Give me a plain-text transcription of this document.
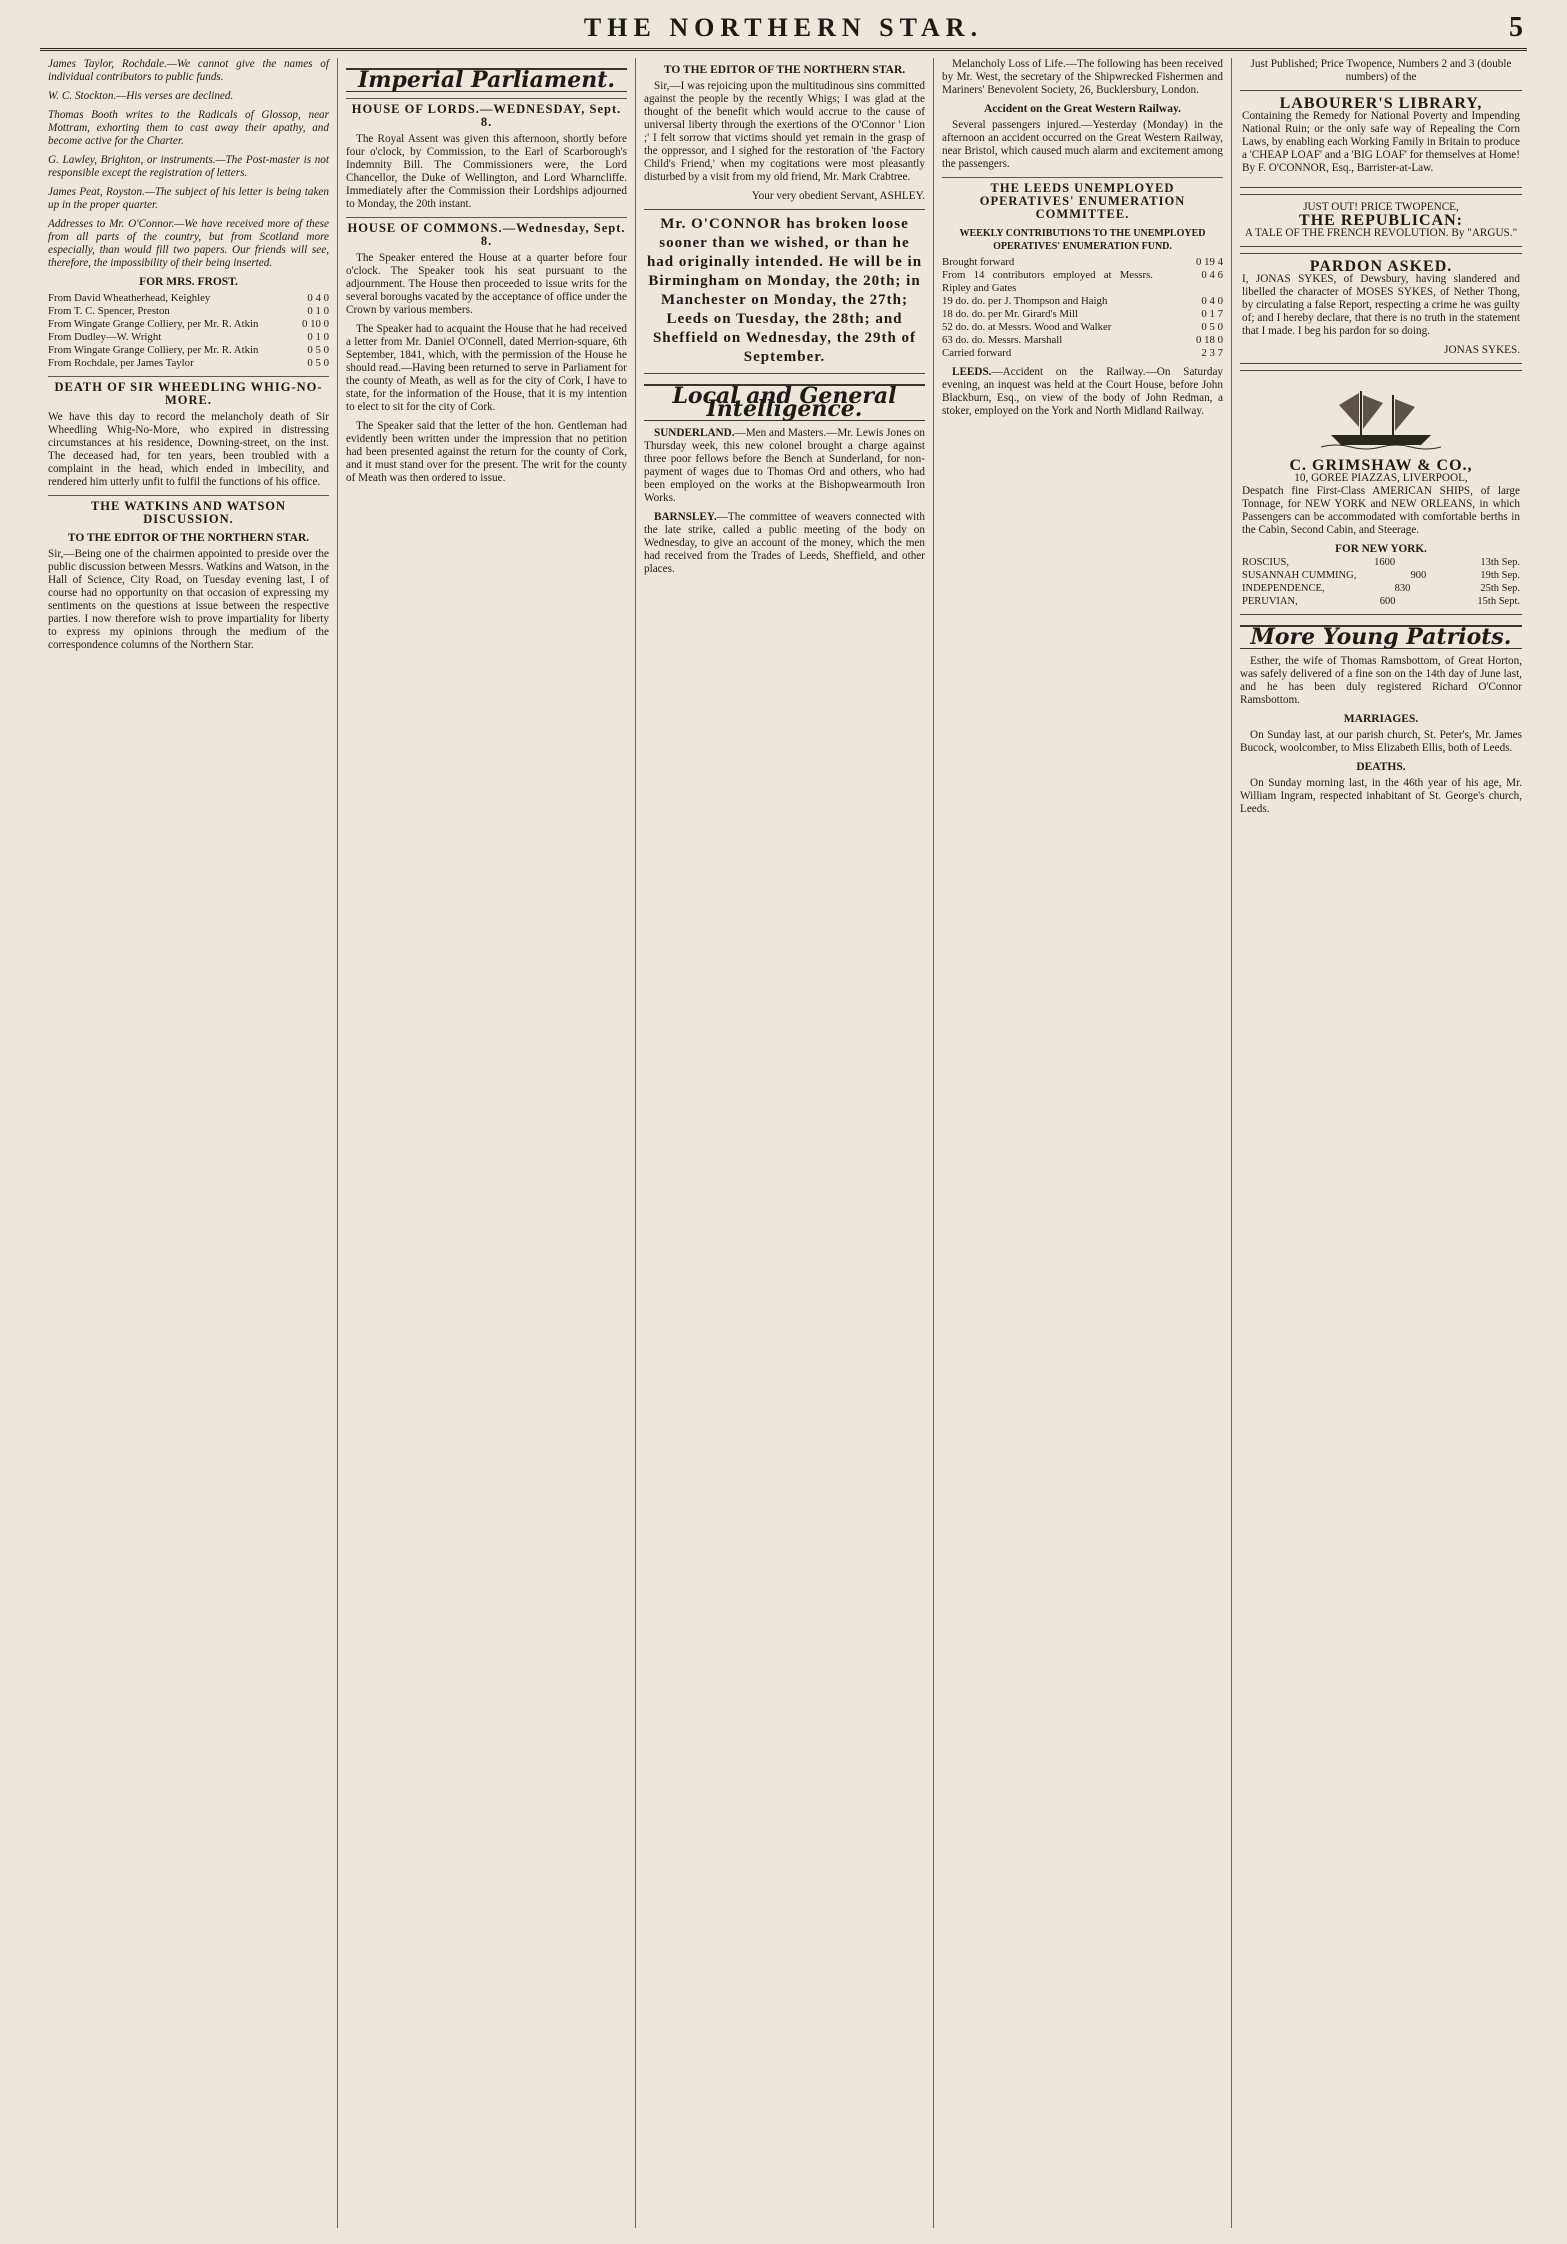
THE NORTHERN STAR.	5

James Taylor, Rochdale.—We cannot give the names of individual contributors to public funds.

W. C. Stockton.—His verses are declined.

Thomas Booth writes to the Radicals of Glossop, near Mottram, exhorting them to cast away their apathy, and become active for the Charter.

G. Lawley, Brighton, or instruments.—The Post-master is not responsible except the registration of letters.

James Peat, Royston.—The subject of his letter is being taken up in the proper quarter.

Addresses to Mr. O'Connor.—We have received more of these from all parts of the country, but from Scotland more especially, than would fill two papers. Our friends will see, therefore, the impossibility of their being inserted.

FOR MRS. FROST.
From David Wheatherhead, Keighley	0 4 0
From T. C. Spencer, Preston	0 1 0
From Wingate Grange Colliery, per Mr. R. Atkin	0 10 0
From Dudley—W. Wright	0 1 0
From Wingate Grange Colliery, per Mr. R. Atkin	0 5 0
From Rochdale, per James Taylor	0 5 0
DEATH OF SIR WHEEDLING WHIG-NO-MORE.

We have this day to record the melancholy death of Sir Wheedling Whig-No-More, who expired in distressing circumstances at his residence, Downing-street, on the inst. The deceased had, for ten years, been troubled with a complaint in the head, which ended in imbecility, and rendered him utterly unfit to fulfil the functions of his office.

THE WATKINS AND WATSON DISCUSSION.
TO THE EDITOR OF THE NORTHERN STAR.

Sir,—Being one of the chairmen appointed to preside over the public discussion between Messrs. Watkins and Watson, in the Hall of Science, City Road, on Tuesday evening last, I of course had no opportunity on that occasion of expressing my sentiments on the questions at issue between the respective parties. I now therefore wish to prove impartiality for liberty to express my opinions through the medium of the correspondence columns of the Northern Star.

Imperial Parliament.
HOUSE OF LORDS.—WEDNESDAY, Sept. 8.

The Royal Assent was given this afternoon, shortly before four o'clock, by Commission, to the Earl of Scarborough's Indemnity Bill. The Commissioners were, the Lord Chancellor, the Duke of Wellington, and Lord Wharncliffe. Immediately after the Commission their Lordships adjourned to Monday, the 20th instant.

HOUSE OF COMMONS.—Wednesday, Sept. 8.

The Speaker entered the House at a quarter before four o'clock. The Speaker took his seat pursuant to the adjournment. The House then proceeded to issue writs for the several boroughs vacated by the acceptance of office under the Crown by various members.

The Speaker had to acquaint the House that he had received a letter from Mr. Daniel O'Connell, dated Merrion-square, 6th September, 1841, which, with the permission of the House he should read.—Having been returned to serve in Parliament for the county of Meath, as well as for the city of Cork, I have to state, for the information of the House, that it is my intention to elect to sit for the city of Cork.

The Speaker said that the letter of the hon. Gentleman had evidently been written under the impression that no petition had been presented against the return for the county of Cork, and it must stand over for the present. The writ for the county of Meath was then ordered to issue.

TO THE EDITOR OF THE NORTHERN STAR.

Sir,—I was rejoicing upon the multitudinous sins committed against the people by the recently Whigs; I was glad at the thought of the benefit which would accrue to the cause of universal liberty through the exertions of the O'Connor ' Lion ;' I felt sorrow that victims should yet remain in the grasp of the oppressor, and I sighed for the restoration of 'the Factory Child's Friend,' when my cogitations were most pleasantly disturbed by a visit from my old friend, Mr. Mark Crabtree.

Your very obedient Servant, ASHLEY.

Mr. O'CONNOR has broken loose sooner than we wished, or than he had originally intended. He will be in Birmingham on Monday, the 20th; in Manchester on Monday, the 27th; Leeds on Tuesday, the 28th; and Sheffield on Wednesday, the 29th of September.

Local and General Intelligence.

SUNDERLAND.—Men and Masters.—Mr. Lewis Jones on Thursday week, this new colonel brought a charge against three poor fellows before the Bench at Sunderland, for non-payment of wages due to Thomas Ord and others, who had been employed on the works at the Bishopwearmouth Iron Works.

BARNSLEY.—The committee of weavers connected with the late strike, called a public meeting of the body on Wednesday, to give an account of the money, which the men had received from the Trades of Leeds, Sheffield, and other places.

Melancholy Loss of Life.—The following has been received by Mr. West, the secretary of the Shipwrecked Fishermen and Mariners' Benevolent Society, 26, Bucklersbury, London.

Accident on the Great Western Railway.

Several passengers injured.—Yesterday (Monday) in the afternoon an accident occurred on the Great Western Railway, near Bristol, which caused much alarm and excitement among the passengers.

THE LEEDS UNEMPLOYED OPERATIVES' ENUMERATION COMMITTEE.
WEEKLY CONTRIBUTIONS TO THE UNEMPLOYED OPERATIVES' ENUMERATION FUND.
Brought forward	0 19 4
From 14 contributors employed at Messrs. Ripley and Gates	0 4 6
19 do. do. per J. Thompson and Haigh	0 4 0
18 do. do. per Mr. Girard's Mill	0 1 7
52 do. do. at Messrs. Wood and Walker	0 5 0
63 do. do. Messrs. Marshall	0 18 0
Carried forward	2 3 7

LEEDS.—Accident on the Railway.—On Saturday evening, an inquest was held at the Court House, before John Blackburn, Esq., on view of the body of John Redman, a stoker, employed on the York and North Midland Railway.

Just Published; Price Twopence, Numbers 2 and 3 (double numbers) of the

LABOURER'S LIBRARY,

Containing the Remedy for National Poverty and Impending National Ruin; or the only safe way of Repealing the Corn Laws, by enabling each Working Family in Britain to produce a 'CHEAP LOAF' and a 'BIG LOAF' for themselves at Home! By F. O'CONNOR, Esq., Barrister-at-Law.

JUST OUT! PRICE TWOPENCE,
THE REPUBLICAN:
A TALE OF THE FRENCH REVOLUTION. By "ARGUS."
PARDON ASKED.

I, JONAS SYKES, of Dewsbury, having slandered and libelled the character of MOSES SYKES, of Nether Thong, by circulating a false Report, respecting a crime he was guilty of; and I hereby declare, that there is no truth in the statement that I made. I beg his pardon for so doing.

JONAS SYKES.
C. GRIMSHAW & CO.,
10, GOREE PIAZZAS, LIVERPOOL,

Despatch fine First-Class AMERICAN SHIPS, of large Tonnage, for NEW YORK and NEW ORLEANS, in which Passengers can be accommodated with comfortable berths in the Cabin, Second Cabin, and Steerage.

FOR NEW YORK.
ROSCIUS,	1600	13th Sep.
SUSANNAH CUMMING,	900	19th Sep.
INDEPENDENCE,	830	25th Sep.
PERUVIAN,	600	15th Sept.
More Young Patriots.

Esther, the wife of Thomas Ramsbottom, of Great Horton, was safely delivered of a fine son on the 14th day of June last, and he has been duly registered Richard O'Connor Ramsbottom.

MARRIAGES.

On Sunday last, at our parish church, St. Peter's, Mr. James Bucock, woolcomber, to Miss Elizabeth Ellis, both of Leeds.

DEATHS.

On Sunday morning last, in the 46th year of his age, Mr. William Ingram, respected inhabitant of St. George's church, Leeds.
